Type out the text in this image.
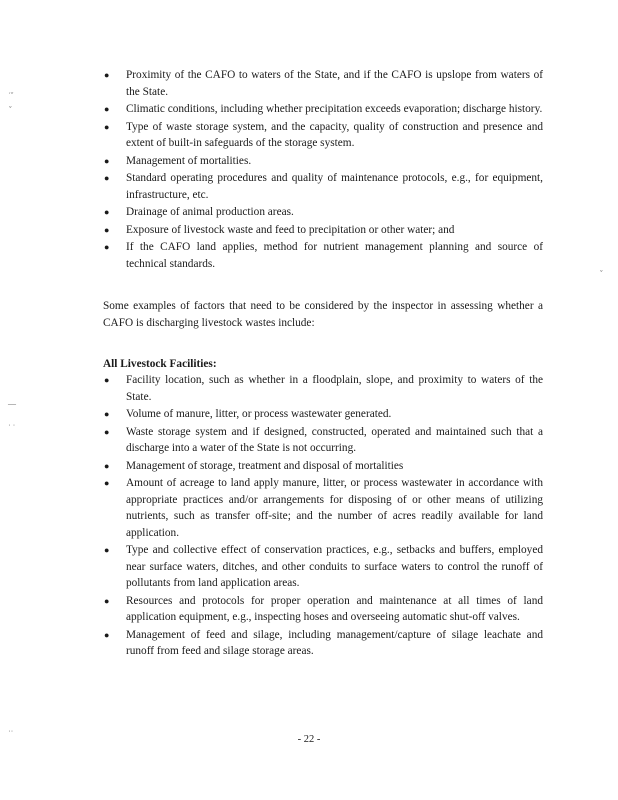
˙ˇ
ˇ
—
˙ ˙
˙˙
ˇ
● Proximity of the CAFO to waters of the State, and if the CAFO is upslope from waters of the State.
● Climatic conditions, including whether precipitation exceeds evaporation; discharge history.
● Type of waste storage system, and the capacity, quality of construction and presence and extent of built-in safeguards of the storage system.
● Management of mortalities.
● Standard operating procedures and quality of maintenance protocols, e.g., for equipment, infrastructure, etc.
● Drainage of animal production areas.
● Exposure of livestock waste and feed to precipitation or other water; and
● If the CAFO land applies, method for nutrient management planning and source of technical standards.

Some examples of factors that need to be considered by the inspector in assessing whether a CAFO is discharging livestock wastes include:

All Livestock Facilities:

● Facility location, such as whether in a floodplain, slope, and proximity to waters of the State.
● Volume of manure, litter, or process wastewater generated.
● Waste storage system and if designed, constructed, operated and maintained such that a discharge into a water of the State is not occurring.
● Management of storage, treatment and disposal of mortalities
● Amount of acreage to land apply manure, litter, or process wastewater in accordance with appropriate practices and/or arrangements for disposing of or other means of utilizing nutrients, such as transfer off-site; and the number of acres readily available for land application.
● Type and collective effect of conservation practices, e.g., setbacks and buffers, employed near surface waters, ditches, and other conduits to surface waters to control the runoff of pollutants from land application areas.
● Resources and protocols for proper operation and maintenance at all times of land application equipment, e.g., inspecting hoses and overseeing automatic shut-off valves.
● Management of feed and silage, including management/capture of silage leachate and runoff from feed and silage storage areas.
- 22 -
